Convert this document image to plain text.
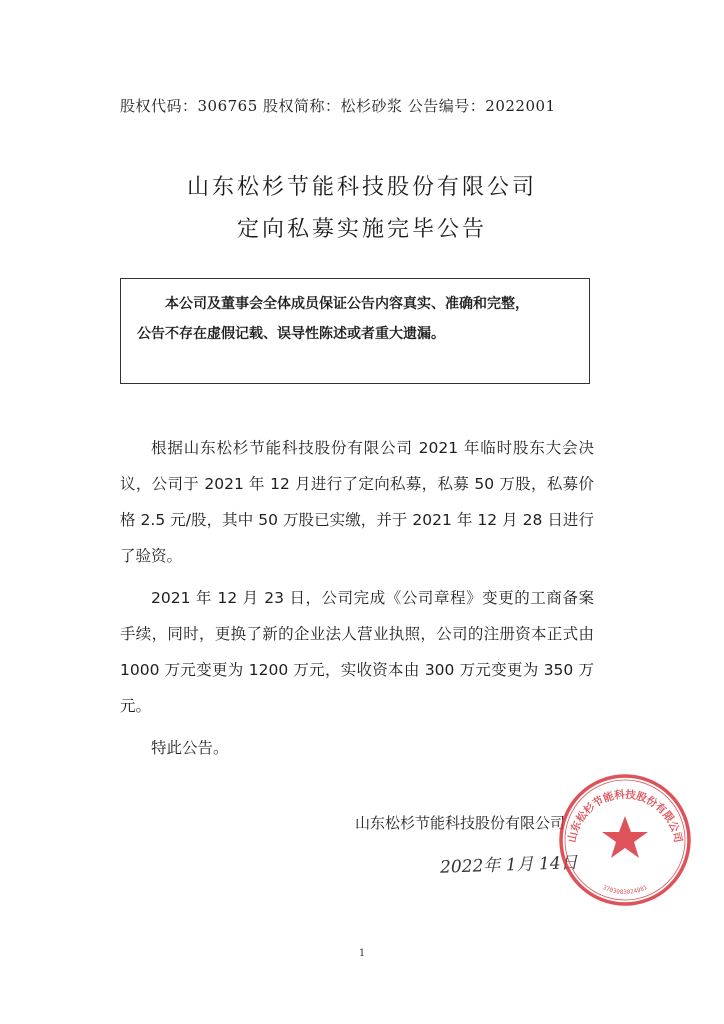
股权代码：306765 股权简称：松杉砂浆 公告编号：2022001
山东松杉节能科技股份有限公司
定向私募实施完毕公告
本公司及董事会全体成员保证公告内容真实、准确和完整，
公告不存在虚假记载、误导性陈述或者重大遗漏。

根据山东松杉节能科技股份有限公司 2021 年临时股东大会决议，公司于 2021 年 12 月进行了定向私募，私募 50 万股，私募价格 2.5 元/股，其中 50 万股已实缴，并于 2021 年 12 月 28 日进行了验资。

2021 年 12 月 23 日，公司完成《公司章程》变更的工商备案手续，同时，更换了新的企业法人营业执照，公司的注册资本正式由 1000 万元变更为 1200 万元，实收资本由 300 万元变更为 350 万元。

特此公告。

山东松杉节能科技股份有限公司
2022年 1月 14日
山东松杉节能科技股份有限公司
3703083024981
1
